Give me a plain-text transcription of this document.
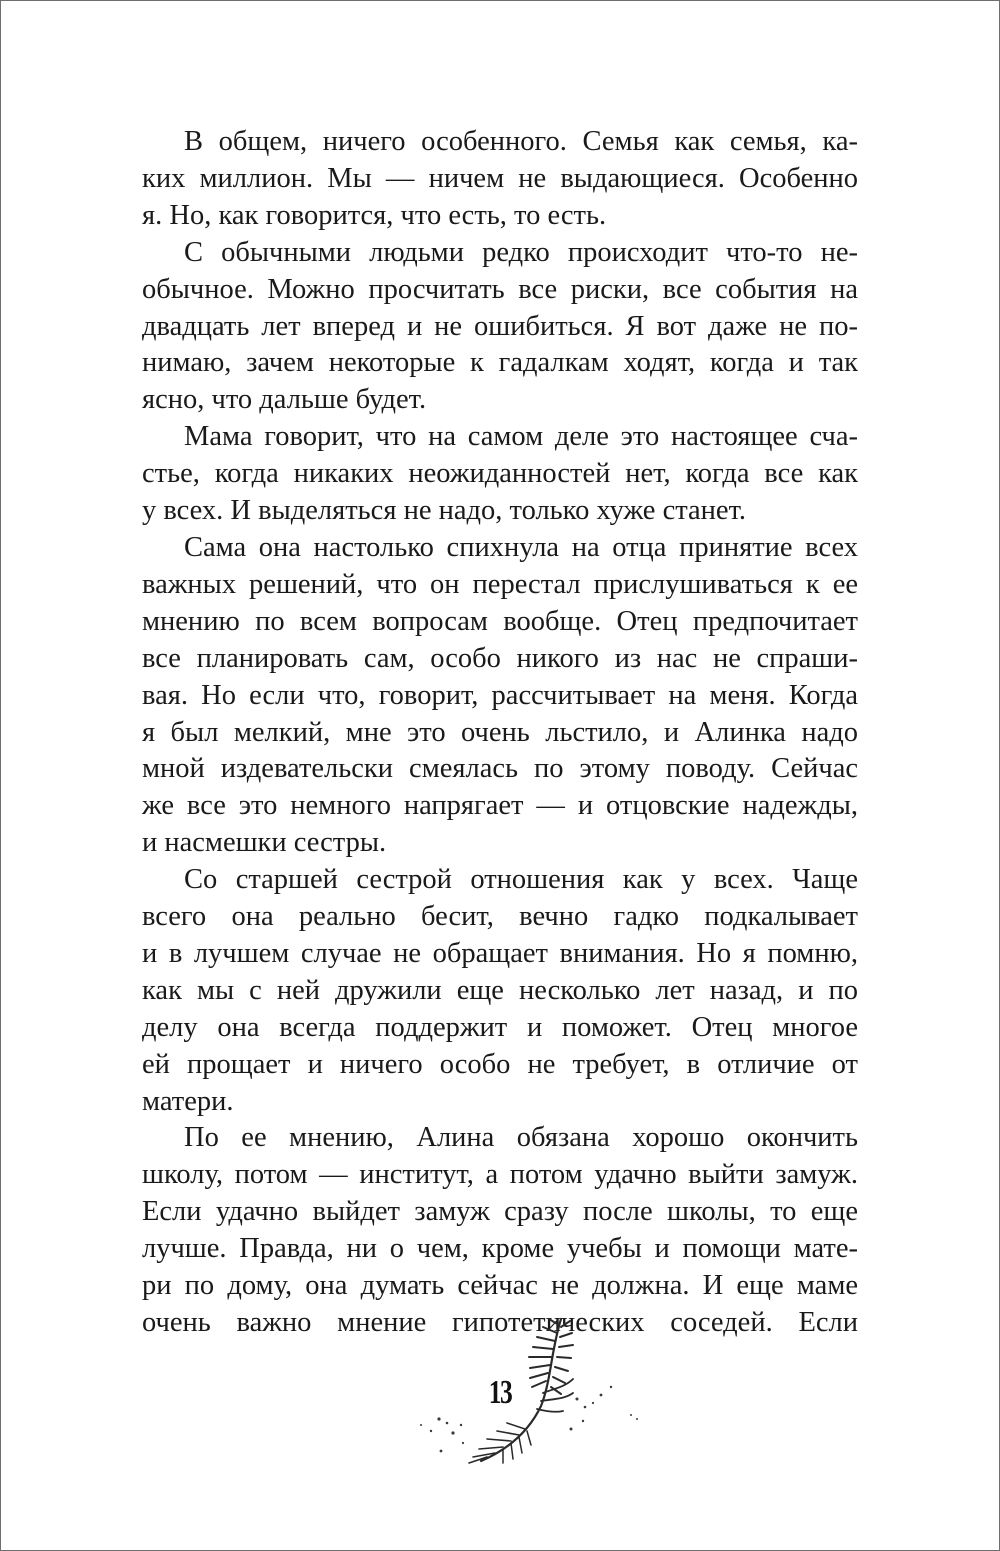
В общем, ничего особенного. Семья как семья, ка-
ких миллион. Мы — ничем не выдающиеся. Особенно
я. Но, как говорится, что есть, то есть.
С обычными людьми редко происходит что-то не-
обычное. Можно просчитать все риски, все события на
двадцать лет вперед и не ошибиться. Я вот даже не по-
нимаю, зачем некоторые к гадалкам ходят, когда и так
ясно, что дальше будет.
Мама говорит, что на самом деле это настоящее сча-
стье, когда никаких неожиданностей нет, когда все как
у всех. И выделяться не надо, только хуже станет.
Сама она настолько спихнула на отца принятие всех
важных решений, что он перестал прислушиваться к ее
мнению по всем вопросам вообще. Отец предпочитает
все планировать сам, особо никого из нас не спраши-
вая. Но если что, говорит, рассчитывает на меня. Когда
я был мелкий, мне это очень льстило, и Алинка надо
мной издевательски смеялась по этому поводу. Сейчас
же все это немного напрягает — и отцовские надежды,
и насмешки сестры.
Со старшей сестрой отношения как у всех. Чаще
всего она реально бесит, вечно гадко подкалывает
и в лучшем случае не обращает внимания. Но я помню,
как мы с ней дружили еще несколько лет назад, и по
делу она всегда поддержит и поможет. Отец многое
ей прощает и ничего особо не требует, в отличие от
матери.
По ее мнению, Алина обязана хорошо окончить
школу, потом — институт, а потом удачно выйти замуж.
Если удачно выйдет замуж сразу после школы, то еще
лучше. Правда, ни о чем, кроме учебы и помощи мате-
ри по дому, она думать сейчас не должна. И еще маме
очень важно мнение гипотетических соседей. Если
13
